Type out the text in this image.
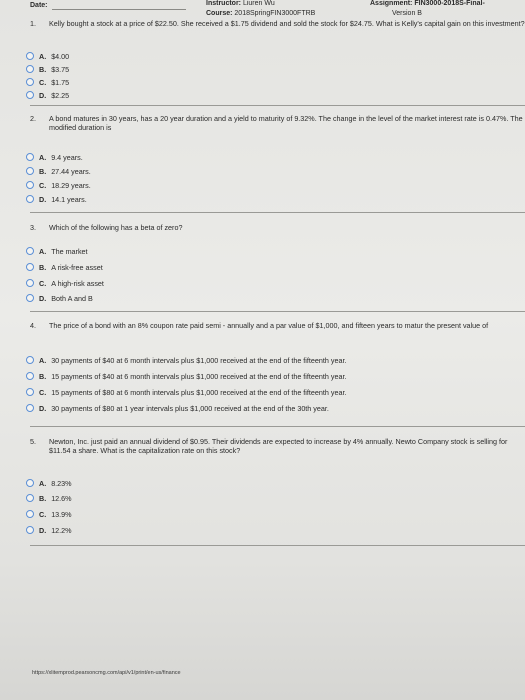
Date:	Instructor: Liuren Wu
Course: 2018SpringFIN3000FTRB
Assignment: FIN3000-2018S-Final-
Version B
1. Kelly bought a stock at a price of $22.50. She received a $1.75 dividend and sold the stock for $24.75. What is Kelly's capital gain on this investment?
A. $4.00
B. $3.75
C. $1.75
D. $2.25
2. A bond matures in 30 years, has a 20 year duration and a yield to maturity of 9.32%. The change in the level of the market interest rate is 0.47%. The modified duration is
A. 9.4 years.
B. 27.44 years.
C. 18.29 years.
D. 14.1 years.
3. Which of the following has a beta of zero?
A. The market
B. A risk-free asset
C. A high-risk asset
D. Both A and B
4. The price of a bond with an 8% coupon rate paid semi - annually and a par value of $1,000, and fifteen years to matur the present value of
A. 30 payments of $40 at 6 month intervals plus $1,000 received at the end of the fifteenth year.
B. 15 payments of $40 at 6 month intervals plus $1,000 received at the end of the fifteenth year.
C. 15 payments of $80 at 6 month intervals plus $1,000 received at the end of the fifteenth year.
D. 30 payments of $80 at 1 year intervals plus $1,000 received at the end of the 30th year.
5. Newton, Inc. just paid an annual dividend of $0.95. Their dividends are expected to increase by 4% annually. Newto Company stock is selling for $11.54 a share. What is the capitalization rate on this stock?
A. 8.23%
B. 12.6%
C. 13.9%
D. 12.2%
https://xlitemprod.pearsoncmg.com/api/v1/print/en-us/finance
